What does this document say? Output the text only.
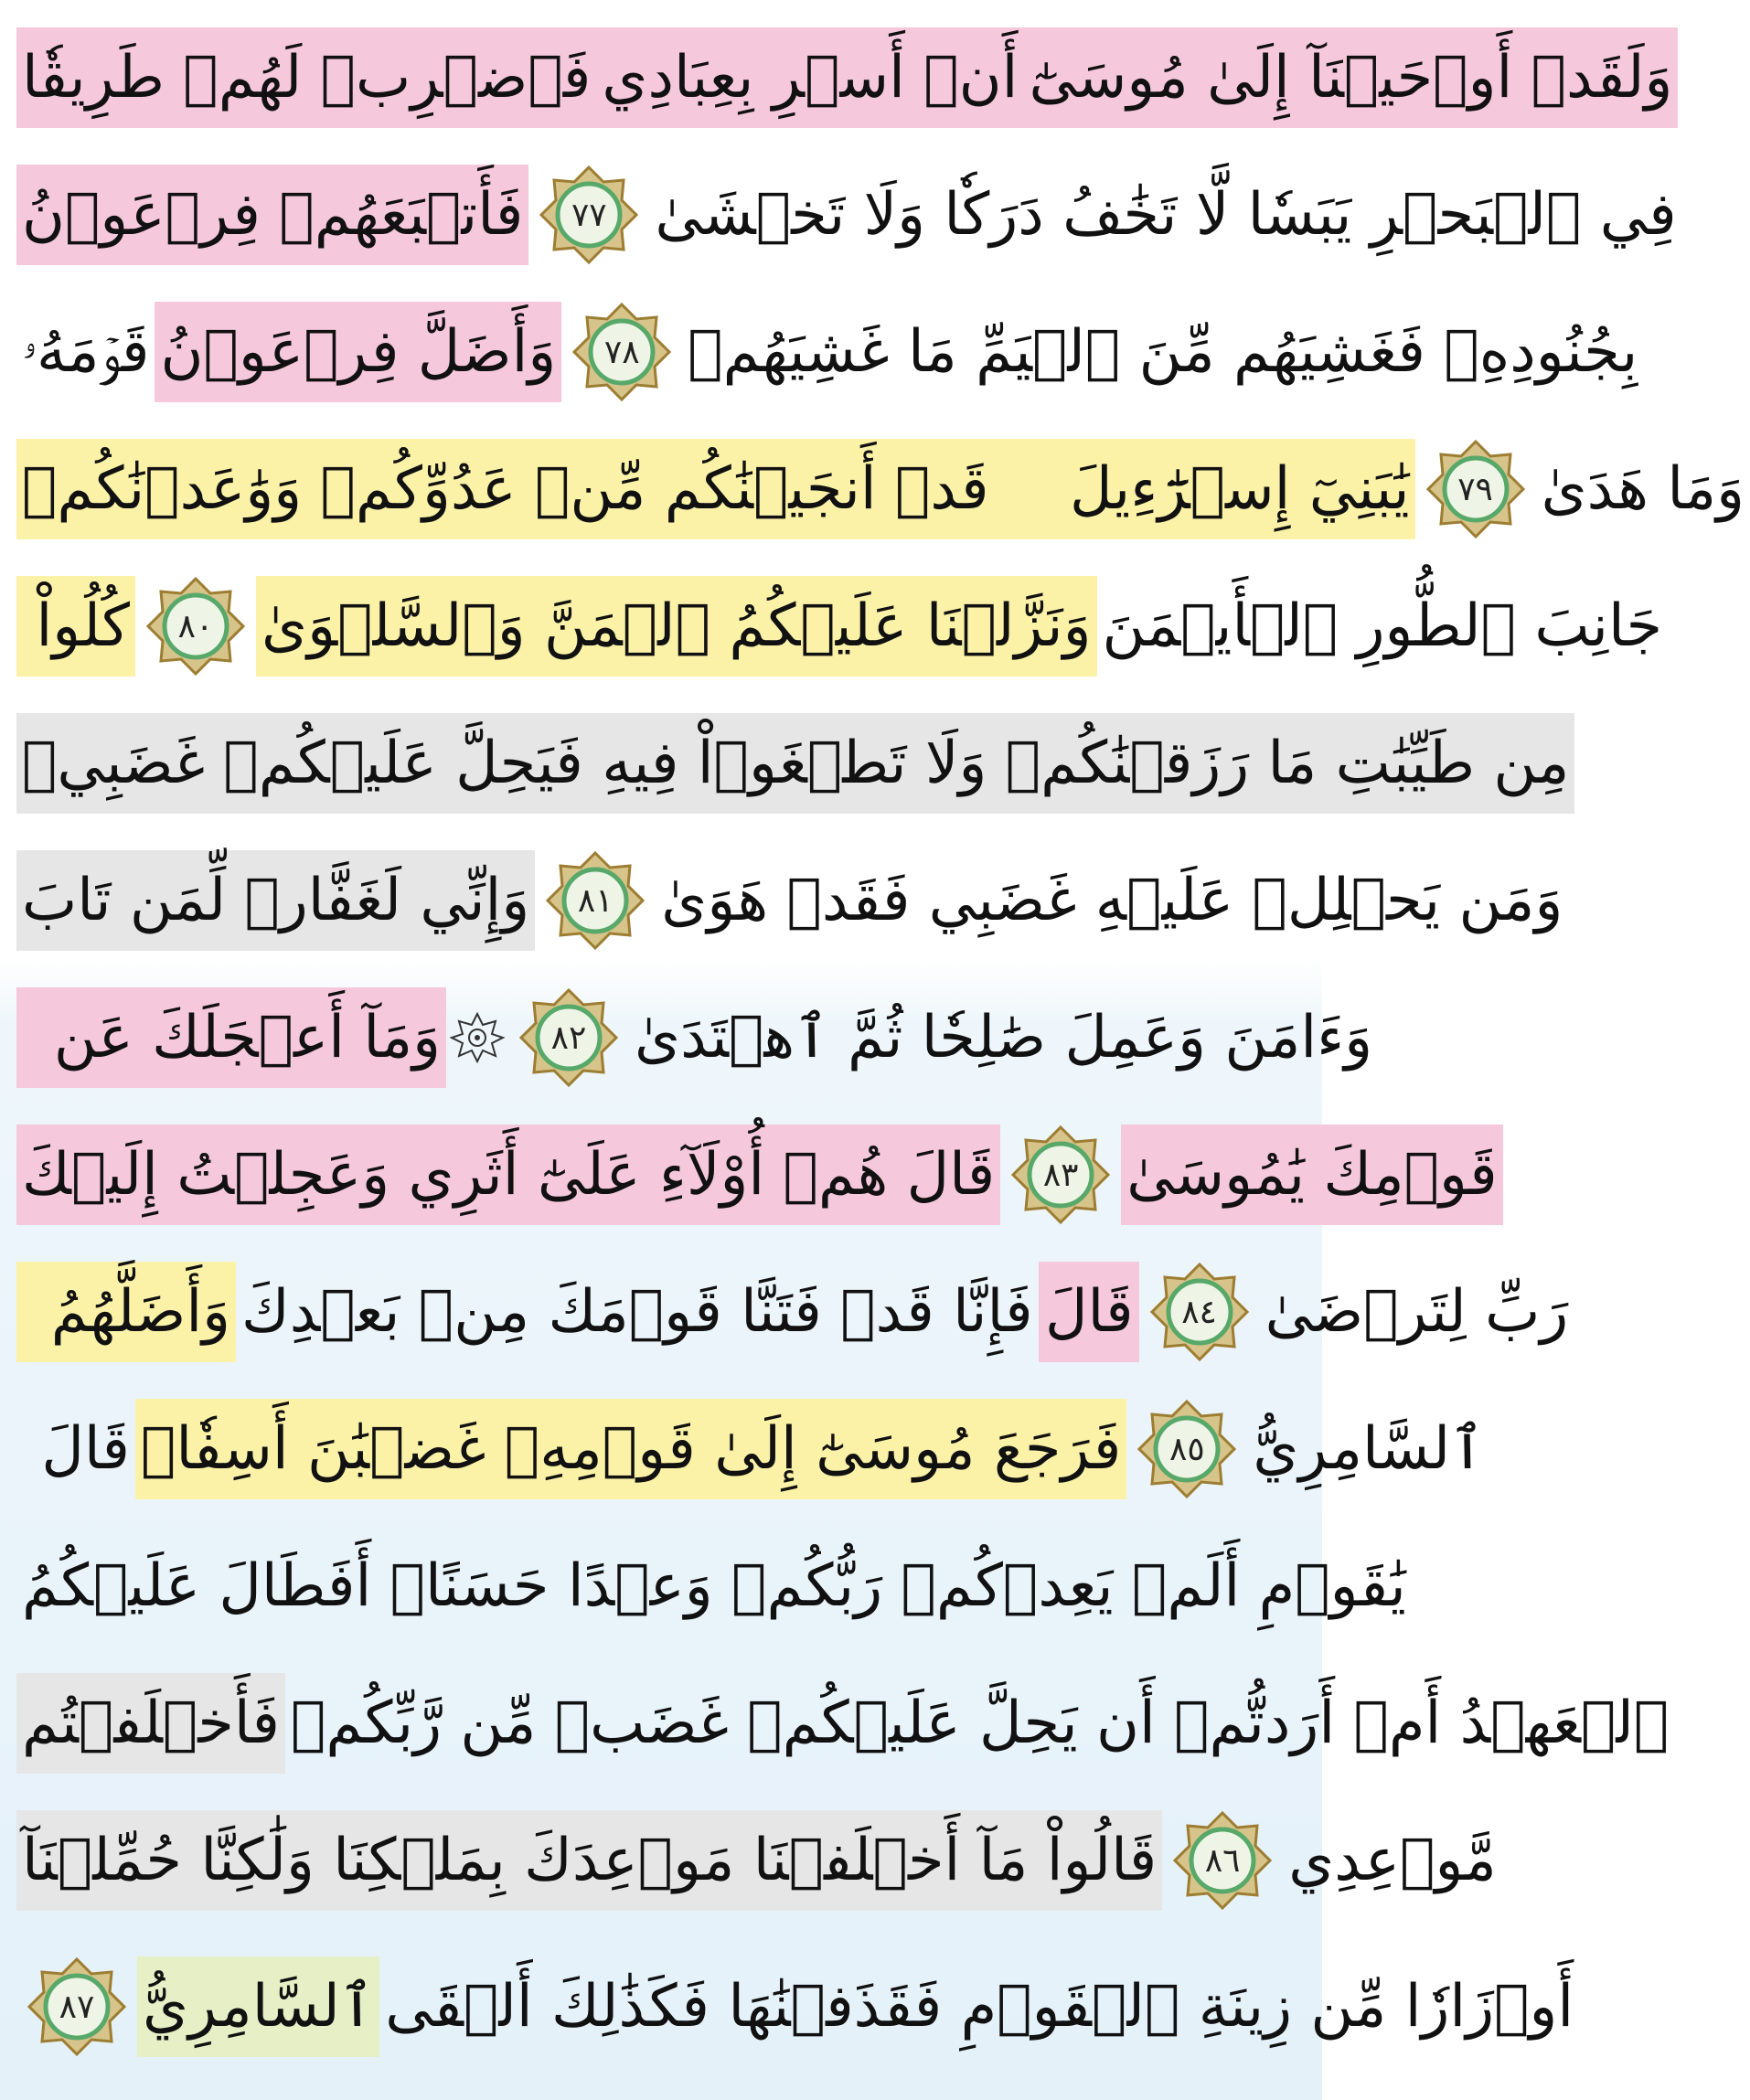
فَٱضۡرِبۡ لَهُمۡ طَرِيقٗا أَنۡ أَسۡرِ بِعِبَادِي وَلَقَدۡ أَوۡحَيۡنَآ إِلَىٰ مُوسَىٰٓ
فَأَتۡبَعَهُمۡ فِرۡعَوۡنُ ٧٧ فِي ٱلۡبَحۡرِ يَبَسٗا لَّا تَخَٰفُ دَرَكٗا وَلَا تَخۡشَىٰ
قَوۡمَهُۥ وَأَضَلَّ فِرۡعَوۡنُ ٧٨ بِجُنُودِهِۦ فَغَشِيَهُم مِّنَ ٱلۡيَمِّ مَا غَشِيَهُمۡ
قَدۡ أَنجَيۡنَٰكُم مِّنۡ عَدُوِّكُمۡ وَوَٰعَدۡنَٰكُمۡ	يَٰبَنِيٓ إِسۡرَٰٓءِيلَ ٧٩ وَمَا هَدَىٰ
كُلُواْ ٨٠ وَنَزَّلۡنَا عَلَيۡكُمُ ٱلۡمَنَّ وَٱلسَّلۡوَىٰ جَانِبَ ٱلطُّورِ ٱلۡأَيۡمَنَ
مِن طَيِّبَٰتِ مَا رَزَقۡنَٰكُمۡ وَلَا تَطۡغَوۡاْ فِيهِ فَيَحِلَّ عَلَيۡكُمۡ غَضَبِيۖ
وَإِنِّي لَغَفَّارٞ لِّمَن تَابَ ٨١ وَمَن يَحۡلِلۡ عَلَيۡهِ غَضَبِي فَقَدۡ هَوَىٰ
وَمَآ أَعۡجَلَكَ عَن	٨٢ وَءَامَنَ وَعَمِلَ صَٰلِحٗا ثُمَّ ٱهۡتَدَىٰ
قَالَ هُمۡ أُوْلَآءِ عَلَىٰٓ أَثَرِي وَعَجِلۡتُ إِلَيۡكَ ٨٣ قَوۡمِكَ يَٰمُوسَىٰ
وَأَضَلَّهُمُ فَإِنَّا قَدۡ فَتَنَّا قَوۡمَكَ مِنۢ بَعۡدِكَ قَالَ ٨٤ رَبِّ لِتَرۡضَىٰ
قَالَ فَرَجَعَ مُوسَىٰٓ إِلَىٰ قَوۡمِهِۦ غَضۡبَٰنَ أَسِفٗاۚ ٨٥ ٱلسَّامِرِيُّ
يَٰقَوۡمِ أَلَمۡ يَعِدۡكُمۡ رَبُّكُمۡ وَعۡدًا حَسَنًاۚ أَفَطَالَ عَلَيۡكُمُ
فَأَخۡلَفۡتُم ٱلۡعَهۡدُ أَمۡ أَرَدتُّمۡ أَن يَحِلَّ عَلَيۡكُمۡ غَضَبٞ مِّن رَّبِّكُمۡ
قَالُواْ مَآ أَخۡلَفۡنَا مَوۡعِدَكَ بِمَلۡكِنَا وَلَٰكِنَّا حُمِّلۡنَآ ٨٦ مَّوۡعِدِي
٨٧ ٱلسَّامِرِيُّ أَوۡزَارٗا مِّن زِينَةِ ٱلۡقَوۡمِ فَقَذَفۡنَٰهَا فَكَذَٰلِكَ أَلۡقَى
